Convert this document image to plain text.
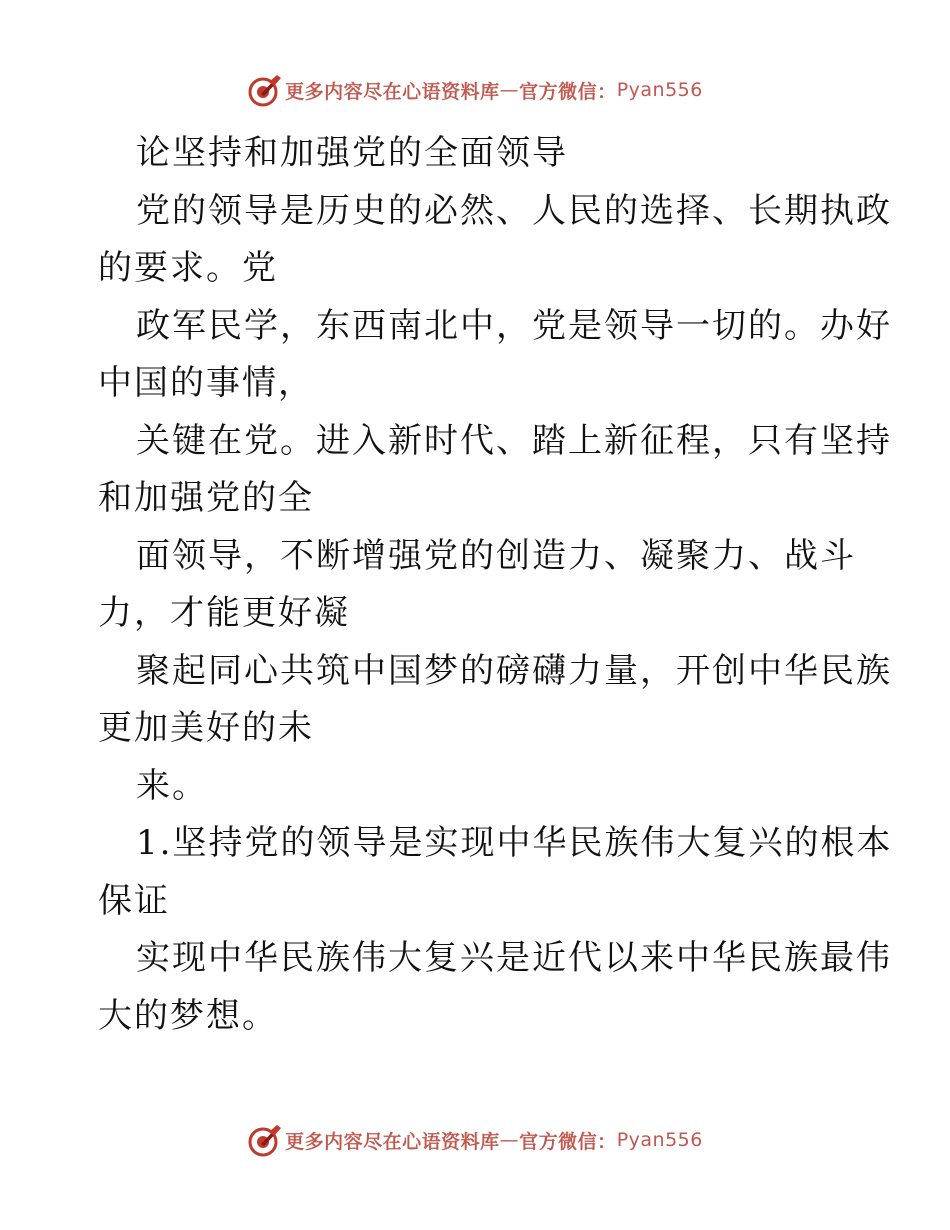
更多内容尽在心语资料库 — 官方微信： Pyan556
论坚持和加强党的全面领导
党的领导是历史的必然、人民的选择、长期执政
的要求。党
政军民学，东西南北中，党是领导一切的。办好
中国的事情，
关键在党。进入新时代、踏上新征程，只有坚持
和加强党的全
面领导，不断增强党的创造力、凝聚力、战斗
力，才能更好凝
聚起同心共筑中国梦的磅礴力量，开创中华民族
更加美好的未
来。
1.坚持党的领导是实现中华民族伟大复兴的根本
保证
实现中华民族伟大复兴是近代以来中华民族最伟
大的梦想。
更多内容尽在心语资料库 — 官方微信： Pyan556
